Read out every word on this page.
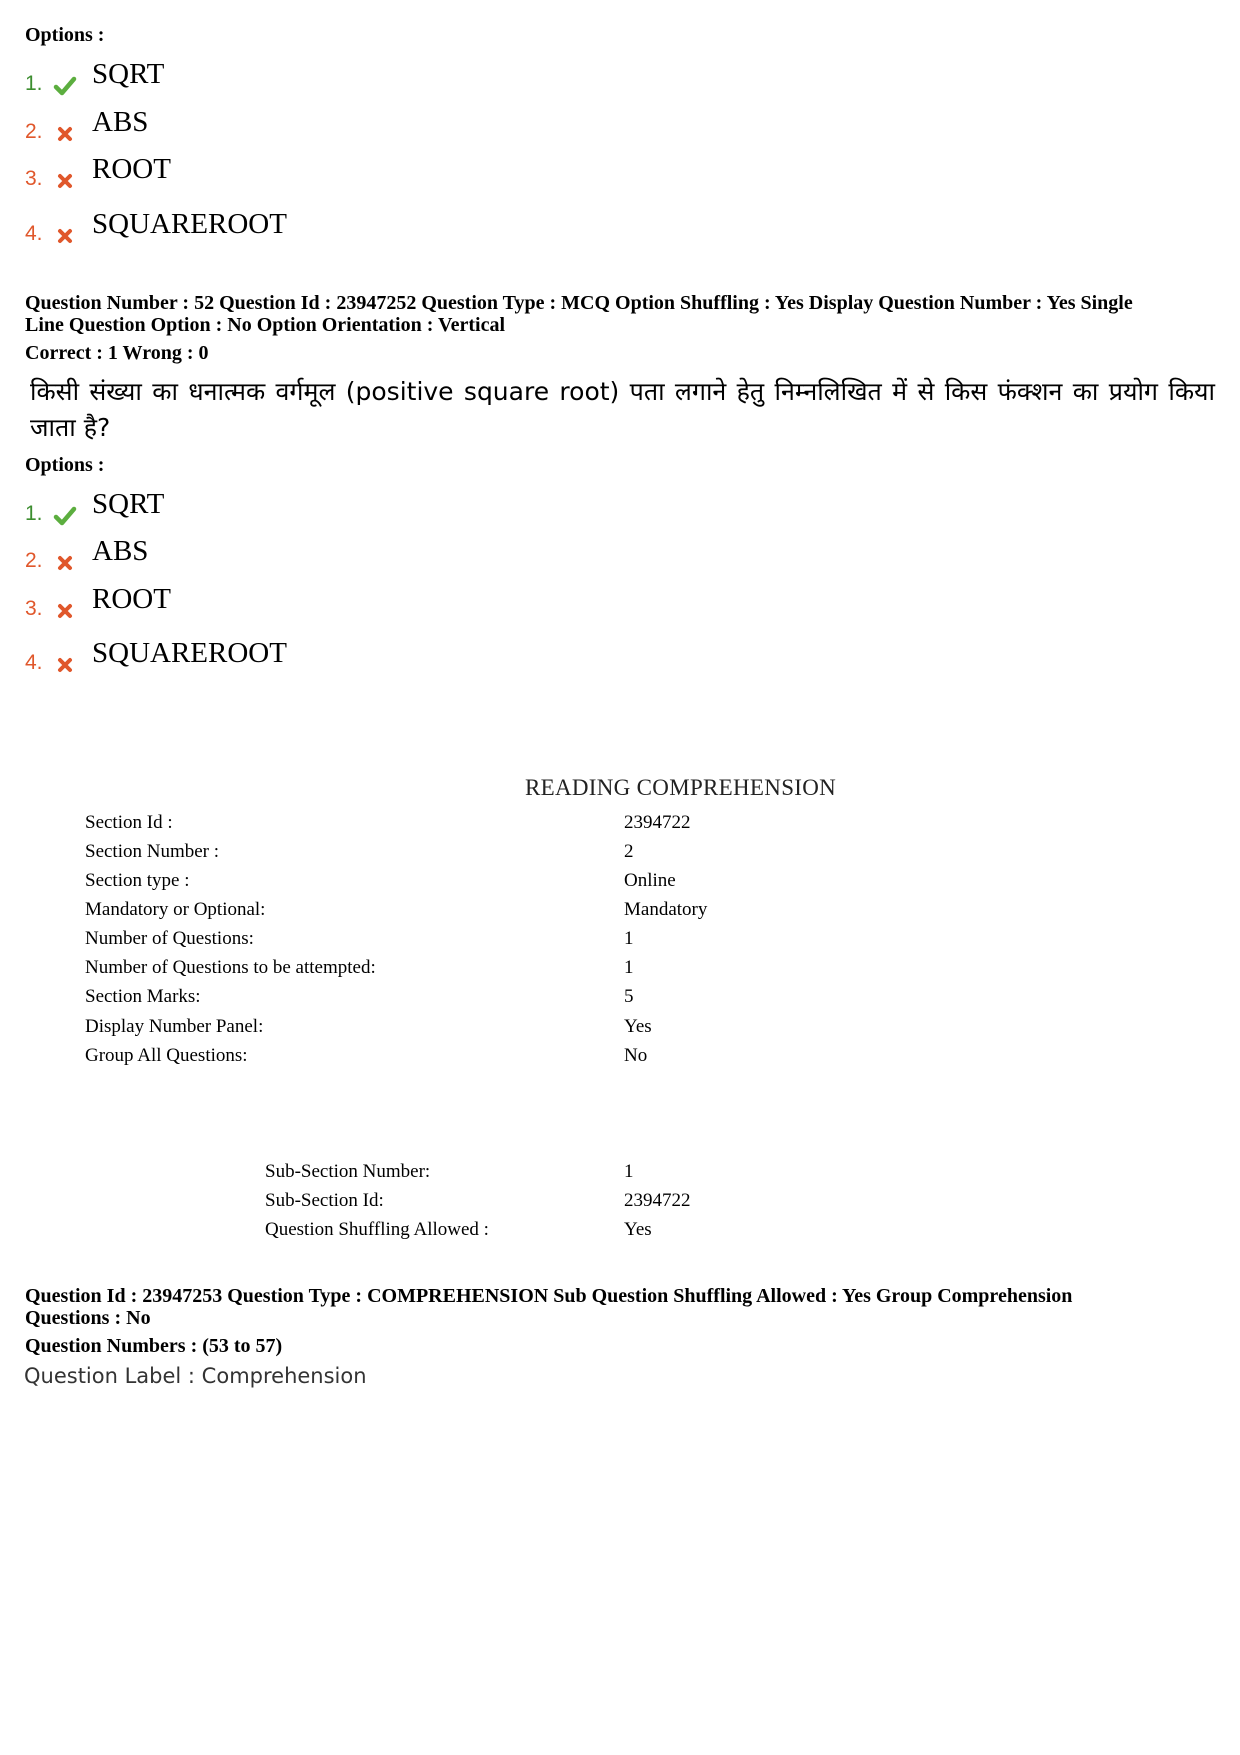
Options :
1. SQRT
2. ABS
3. ROOT
4. SQUAREROOT
Question Number : 52 Question Id : 23947252 Question Type : MCQ Option Shuffling : Yes Display Question Number : Yes Single
Line Question Option : No Option Orientation : Vertical
Correct : 1 Wrong : 0
किसी संख्या का धनात्मक वर्गमूल (positive square root) पता लगाने हेतु निम्नलिखित में से किस फंक्शन का प्रयोग किया जाता है?
Options :
1. SQRT
2. ABS
3. ROOT
4. SQUAREROOT
READING COMPREHENSION
Section Id :	2394722
Section Number :	2
Section type :	Online
Mandatory or Optional:	Mandatory
Number of Questions:	1
Number of Questions to be attempted:	1
Section Marks:	5
Display Number Panel:	Yes
Group All Questions:	No
Sub-Section Number:	1
Sub-Section Id:	2394722
Question Shuffling Allowed :	Yes
Question Id : 23947253 Question Type : COMPREHENSION Sub Question Shuffling Allowed : Yes Group Comprehension
Questions : No
Question Numbers : (53 to 57)
Question Label : Comprehension
